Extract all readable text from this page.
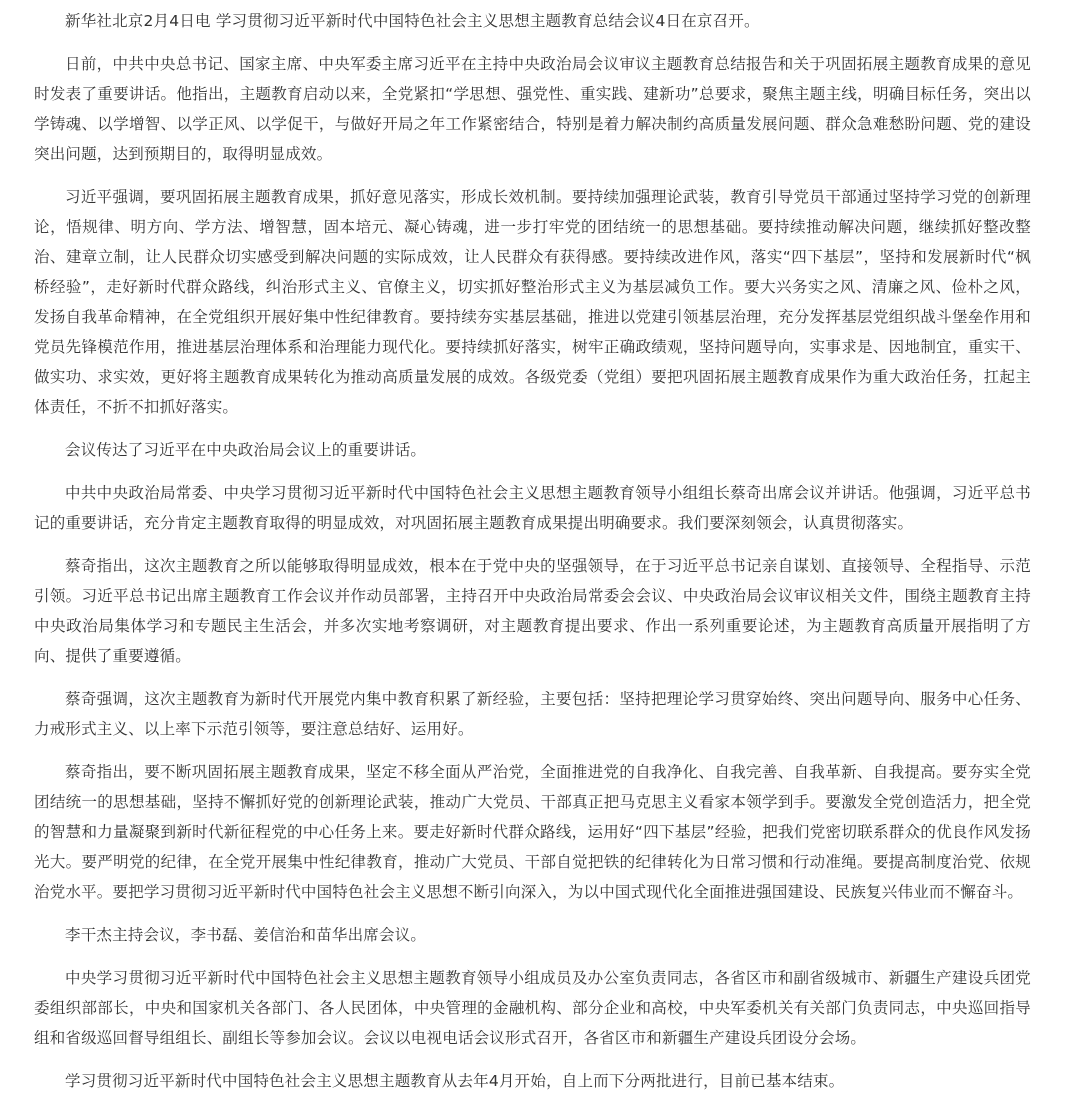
新华社北京2月4日电 学习贯彻习近平新时代中国特色社会主义思想主题教育总结会议4日在京召开。

日前，中共中央总书记、国家主席、中央军委主席习近平在主持中央政治局会议审议主题教育总结报告和关于巩固拓展主题教育成果的意见时发表了重要讲话。他指出，主题教育启动以来，全党紧扣“学思想、强党性、重实践、建新功”总要求，聚焦主题主线，明确目标任务，突出以学铸魂、以学增智、以学正风、以学促干，与做好开局之年工作紧密结合，特别是着力解决制约高质量发展问题、群众急难愁盼问题、党的建设突出问题，达到预期目的，取得明显成效。

习近平强调，要巩固拓展主题教育成果，抓好意见落实，形成长效机制。要持续加强理论武装，教育引导党员干部通过坚持学习党的创新理论，悟规律、明方向、学方法、增智慧，固本培元、凝心铸魂，进一步打牢党的团结统一的思想基础。要持续推动解决问题，继续抓好整改整治、建章立制，让人民群众切实感受到解决问题的实际成效，让人民群众有获得感。要持续改进作风，落实“四下基层”，坚持和发展新时代“枫桥经验”，走好新时代群众路线，纠治形式主义、官僚主义，切实抓好整治形式主义为基层减负工作。要大兴务实之风、清廉之风、俭朴之风，发扬自我革命精神，在全党组织开展好集中性纪律教育。要持续夯实基层基础，推进以党建引领基层治理，充分发挥基层党组织战斗堡垒作用和党员先锋模范作用，推进基层治理体系和治理能力现代化。要持续抓好落实，树牢正确政绩观，坚持问题导向，实事求是、因地制宜，重实干、做实功、求实效，更好将主题教育成果转化为推动高质量发展的成效。各级党委（党组）要把巩固拓展主题教育成果作为重大政治任务，扛起主体责任，不折不扣抓好落实。

会议传达了习近平在中央政治局会议上的重要讲话。

中共中央政治局常委、中央学习贯彻习近平新时代中国特色社会主义思想主题教育领导小组组长蔡奇出席会议并讲话。他强调，习近平总书记的重要讲话，充分肯定主题教育取得的明显成效，对巩固拓展主题教育成果提出明确要求。我们要深刻领会，认真贯彻落实。

蔡奇指出，这次主题教育之所以能够取得明显成效，根本在于党中央的坚强领导，在于习近平总书记亲自谋划、直接领导、全程指导、示范引领。习近平总书记出席主题教育工作会议并作动员部署，主持召开中央政治局常委会会议、中央政治局会议审议相关文件，围绕主题教育主持中央政治局集体学习和专题民主生活会，并多次实地考察调研，对主题教育提出要求、作出一系列重要论述，为主题教育高质量开展指明了方向、提供了重要遵循。

蔡奇强调，这次主题教育为新时代开展党内集中教育积累了新经验，主要包括：坚持把理论学习贯穿始终、突出问题导向、服务中心任务、力戒形式主义、以上率下示范引领等，要注意总结好、运用好。

蔡奇指出，要不断巩固拓展主题教育成果，坚定不移全面从严治党，全面推进党的自我净化、自我完善、自我革新、自我提高。要夯实全党团结统一的思想基础，坚持不懈抓好党的创新理论武装，推动广大党员、干部真正把马克思主义看家本领学到手。要激发全党创造活力，把全党的智慧和力量凝聚到新时代新征程党的中心任务上来。要走好新时代群众路线，运用好“四下基层”经验，把我们党密切联系群众的优良作风发扬光大。要严明党的纪律，在全党开展集中性纪律教育，推动广大党员、干部自觉把铁的纪律转化为日常习惯和行动准绳。要提高制度治党、依规治党水平。要把学习贯彻习近平新时代中国特色社会主义思想不断引向深入，为以中国式现代化全面推进强国建设、民族复兴伟业而不懈奋斗。

李干杰主持会议，李书磊、姜信治和苗华出席会议。

中央学习贯彻习近平新时代中国特色社会主义思想主题教育领导小组成员及办公室负责同志，各省区市和副省级城市、新疆生产建设兵团党委组织部部长，中央和国家机关各部门、各人民团体，中央管理的金融机构、部分企业和高校，中央军委机关有关部门负责同志，中央巡回指导组和省级巡回督导组组长、副组长等参加会议。会议以电视电话会议形式召开，各省区市和新疆生产建设兵团设分会场。

学习贯彻习近平新时代中国特色社会主义思想主题教育从去年4月开始，自上而下分两批进行，目前已基本结束。
